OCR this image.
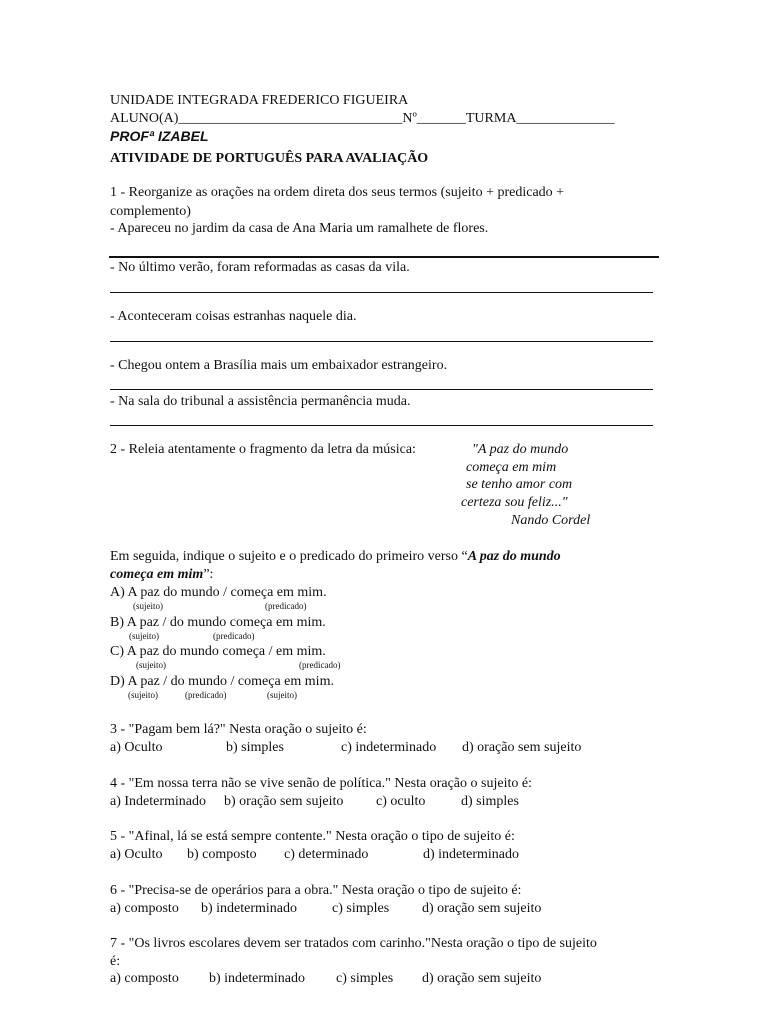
UNIDADE INTEGRADA FREDERICO FIGUEIRA
ALUNO(A)________________________________Nº_______TURMA______________
PROFª IZABEL
ATIVIDADE DE PORTUGUÊS PARA AVALIAÇÃO
1 - Reorganize as orações na ordem direta dos seus termos (sujeito + predicado +
complemento)
- Apareceu no jardim da casa de Ana Maria um ramalhete de flores.
- No último verão, foram reformadas as casas da vila.
- Aconteceram coisas estranhas naquele dia.
- Chegou ontem a Brasília mais um embaixador estrangeiro.
- Na sala do tribunal a assistência permanência muda.
2 - Releia atentamente o fragmento da letra da música:	"A paz do mundo
começa em mim
se tenho amor com
certeza sou feliz..."
Nando Cordel
Em seguida, indique o sujeito e o predicado do primeiro verso “A paz do mundo
começa em mim”:
A) A paz do mundo / começa em mim.
(sujeito)	(predicado)
B) A paz / do mundo começa em mim.
(sujeito)	(predicado)
C) A paz do mundo começa / em mim.
(sujeito)	(predicado)
D) A paz / do mundo / começa em mim.
(sujeito)	(predicado)	(sujeito)
3 - "Pagam bem lá?" Nesta oração o sujeito é:
a) Oculto	b) simples	c) indeterminado d) oração sem sujeito
4 - "Em nossa terra não se vive senão de política." Nesta oração o sujeito é:
a) Indeterminado b) oração sem sujeito c) oculto	d) simples
5 - "Afinal, lá se está sempre contente." Nesta oração o tipo de sujeito é:
a) Oculto b) composto c) determinado	d) indeterminado
6 - "Precisa-se de operários para a obra." Nesta oração o tipo de sujeito é:
a) composto b) indeterminado c) simples d) oração sem sujeito
7 - "Os livros escolares devem ser tratados com carinho."Nesta oração o tipo de sujeito
é:
a) composto b) indeterminado c) simples d) oração sem sujeito
